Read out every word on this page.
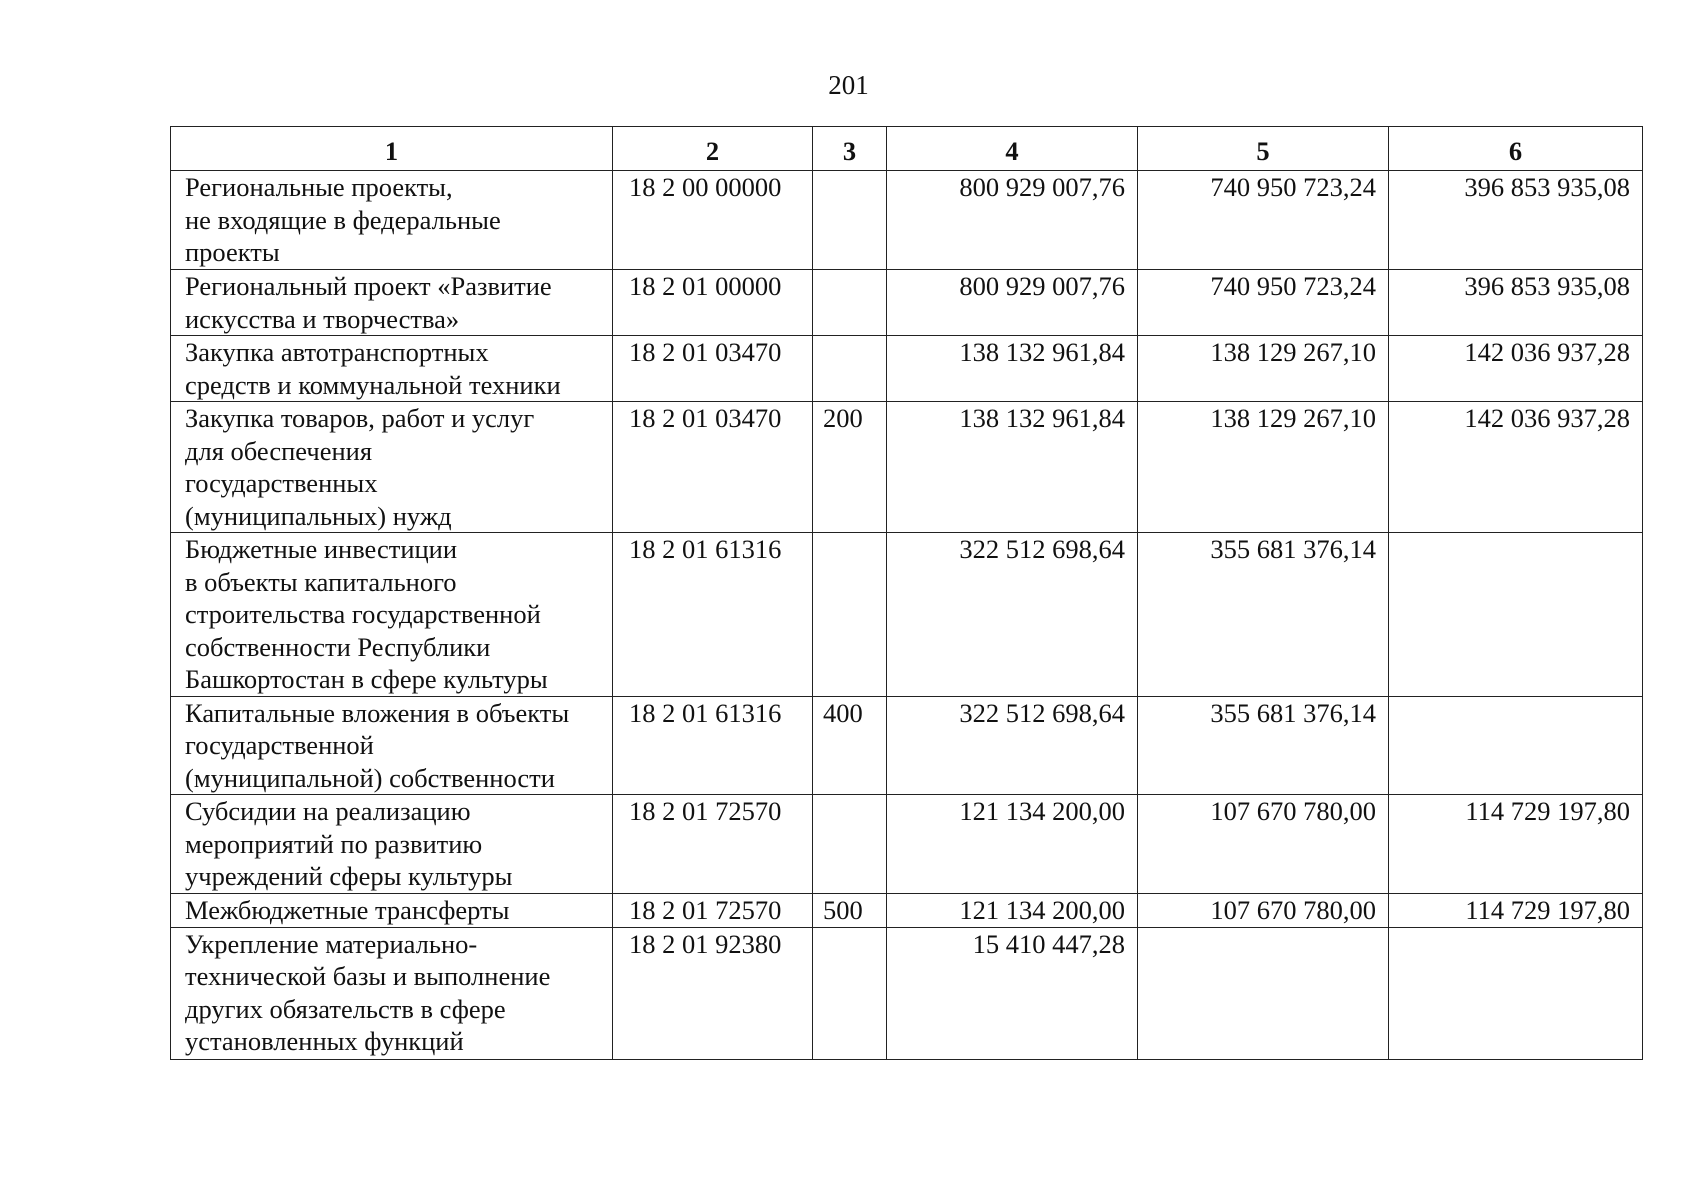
201
1	2	3	4	5	6
Региональные проекты,
не входящие в федеральные
проекты	18 2 00 00000		800 929 007,76	740 950 723,24	396 853 935,08
Региональный проект «Развитие
искусства и творчества»	18 2 01 00000		800 929 007,76	740 950 723,24	396 853 935,08
Закупка автотранспортных
средств и коммунальной техники	18 2 01 03470		138 132 961,84	138 129 267,10	142 036 937,28
Закупка товаров, работ и услуг
для обеспечения
государственных
(муниципальных) нужд	18 2 01 03470	200	138 132 961,84	138 129 267,10	142 036 937,28
Бюджетные инвестиции
в объекты капитального
строительства государственной
собственности Республики
Башкортостан в сфере культуры	18 2 01 61316		322 512 698,64	355 681 376,14	
Капитальные вложения в объекты
государственной
(муниципальной) собственности	18 2 01 61316	400	322 512 698,64	355 681 376,14	
Субсидии на реализацию
мероприятий по развитию
учреждений сферы культуры	18 2 01 72570		121 134 200,00	107 670 780,00	114 729 197,80
Межбюджетные трансферты	18 2 01 72570	500	121 134 200,00	107 670 780,00	114 729 197,80
Укрепление материально-
технической базы и выполнение
других обязательств в сфере
установленных функций	18 2 01 92380		15 410 447,28		
